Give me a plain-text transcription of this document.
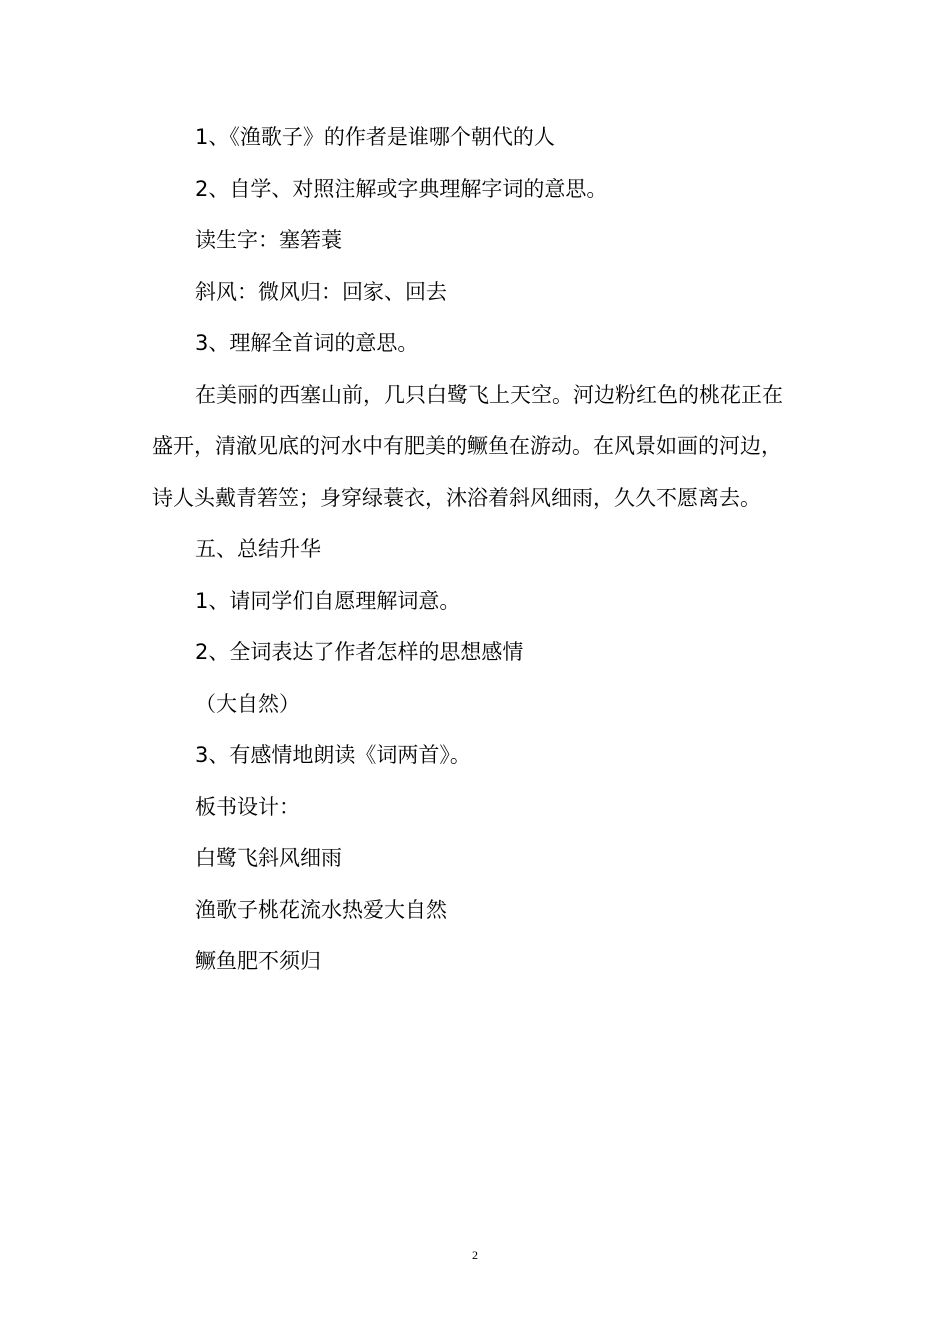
1、《渔歌子》的作者是谁哪个朝代的人

2、自学、对照注解或字典理解字词的意思。

读生字：塞箬蓑

斜风：微风归：回家、回去

3、理解全首词的意思。

在美丽的西塞山前，几只白鹭飞上天空。河边粉红色的桃花正在盛开，清澈见底的河水中有肥美的鳜鱼在游动。在风景如画的河边，诗人头戴青箬笠；身穿绿蓑衣，沐浴着斜风细雨，久久不愿离去。

五、总结升华

1、请同学们自愿理解词意。

2、全词表达了作者怎样的思想感情

（大自然）

3、有感情地朗读《词两首》。

板书设计：

白鹭飞斜风细雨

渔歌子桃花流水热爱大自然

鳜鱼肥不须归

2
